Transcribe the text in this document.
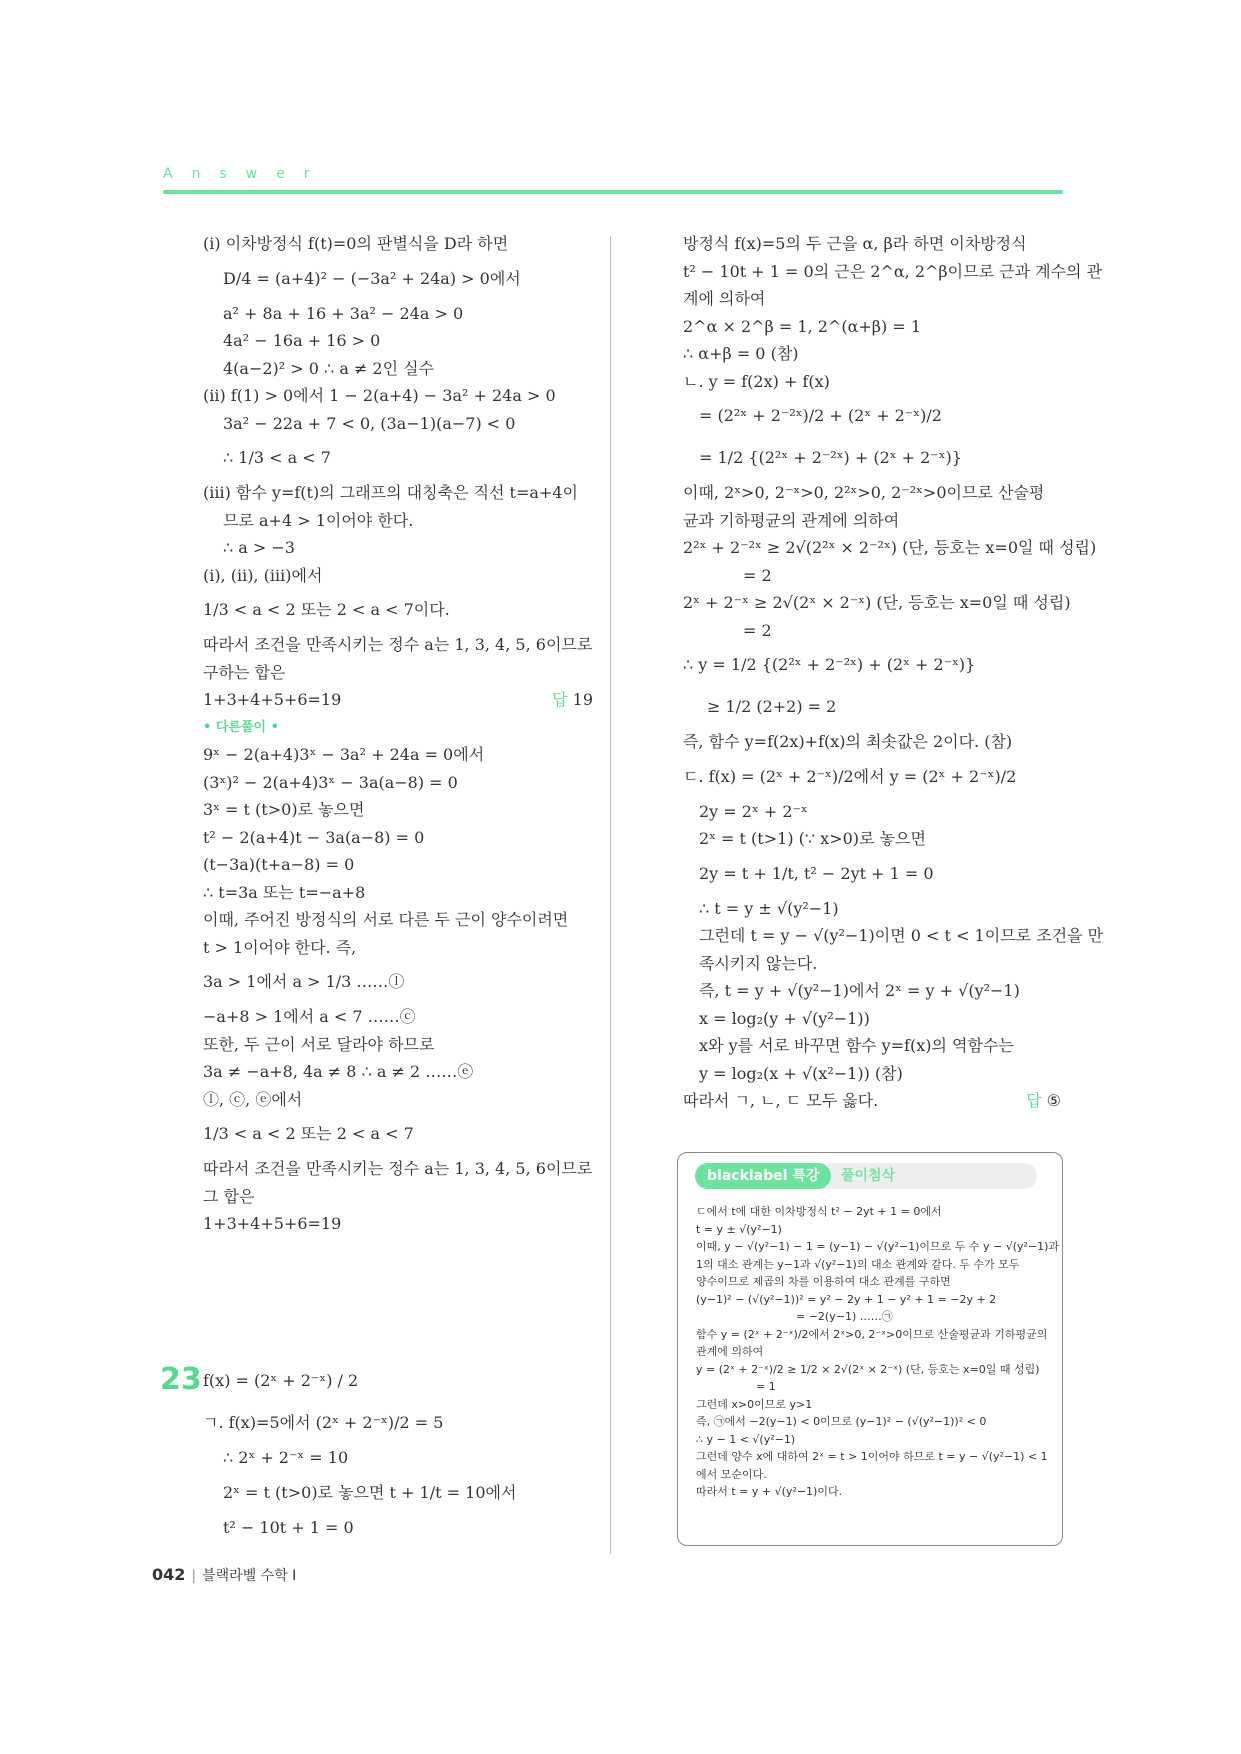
Answer
(ⅰ) 이차방정식 f(t)=0의 판별식을 D라 하면
D/4 = (a+4)² − (−3a² + 24a) > 0에서
a² + 8a + 16 + 3a² − 24a > 0
4a² − 16a + 16 > 0
4(a−2)² > 0 ∴ a ≠ 2인 실수
(ⅱ) f(1) > 0에서 1 − 2(a+4) − 3a² + 24a > 0
3a² − 22a + 7 < 0, (3a−1)(a−7) < 0
∴ 1/3 < a < 7
(ⅲ) 함수 y=f(t)의 그래프의 대칭축은 직선 t=a+4이
므로 a+4 > 1이어야 한다.
∴ a > −3
(ⅰ), (ⅱ), (ⅲ)에서
1/3 < a < 2 또는 2 < a < 7이다.
따라서 조건을 만족시키는 정수 a는 1, 3, 4, 5, 6이므로
구하는 합은
1+3+4+5+6=19	답 19
• 다른풀이 •
9ˣ − 2(a+4)3ˣ − 3a² + 24a = 0에서
(3ˣ)² − 2(a+4)3ˣ − 3a(a−8) = 0
3ˣ = t (t>0)로 놓으면
t² − 2(a+4)t − 3a(a−8) = 0
(t−3a)(t+a−8) = 0
∴ t=3a 또는 t=−a+8
이때, 주어진 방정식의 서로 다른 두 근이 양수이려면
t > 1이어야 한다. 즉,
3a > 1에서 a > 1/3 ……ⓛ
−a+8 > 1에서 a < 7 ……ⓒ
또한, 두 근이 서로 달라야 하므로
3a ≠ −a+8, 4a ≠ 8 ∴ a ≠ 2 ……ⓔ
ⓛ, ⓒ, ⓔ에서
1/3 < a < 2 또는 2 < a < 7
따라서 조건을 만족시키는 정수 a는 1, 3, 4, 5, 6이므로
그 합은
1+3+4+5+6=19
23 f(x) = (2ˣ + 2⁻ˣ) / 2
ㄱ. f(x)=5에서 (2ˣ + 2⁻ˣ)/2 = 5
∴ 2ˣ + 2⁻ˣ = 10
2ˣ = t (t>0)로 놓으면 t + 1/t = 10에서
t² − 10t + 1 = 0
방정식 f(x)=5의 두 근을 α, β라 하면 이차방정식
t² − 10t + 1 = 0의 근은 2^α, 2^β이므로 근과 계수의 관
계에 의하여
2^α × 2^β = 1, 2^(α+β) = 1
∴ α+β = 0 (참)
ㄴ. y = f(2x) + f(x)
= (2²ˣ + 2⁻²ˣ)/2 + (2ˣ + 2⁻ˣ)/2
= 1/2 {(2²ˣ + 2⁻²ˣ) + (2ˣ + 2⁻ˣ)}
이때, 2ˣ>0, 2⁻ˣ>0, 2²ˣ>0, 2⁻²ˣ>0이므로 산술평
균과 기하평균의 관계에 의하여
2²ˣ + 2⁻²ˣ ≥ 2√(2²ˣ × 2⁻²ˣ) (단, 등호는 x=0일 때 성립)
= 2
2ˣ + 2⁻ˣ ≥ 2√(2ˣ × 2⁻ˣ) (단, 등호는 x=0일 때 성립)
= 2
∴ y = 1/2 {(2²ˣ + 2⁻²ˣ) + (2ˣ + 2⁻ˣ)}
≥ 1/2 (2+2) = 2
즉, 함수 y=f(2x)+f(x)의 최솟값은 2이다. (참)
ㄷ. f(x) = (2ˣ + 2⁻ˣ)/2에서 y = (2ˣ + 2⁻ˣ)/2
2y = 2ˣ + 2⁻ˣ
2ˣ = t (t>1) (∵ x>0)로 놓으면
2y = t + 1/t, t² − 2yt + 1 = 0
∴ t = y ± √(y²−1)
그런데 t = y − √(y²−1)이면 0 < t < 1이므로 조건을 만
족시키지 않는다.
즉, t = y + √(y²−1)에서 2ˣ = y + √(y²−1)
x = log₂(y + √(y²−1))
x와 y를 서로 바꾸면 함수 y=f(x)의 역함수는
y = log₂(x + √(x²−1)) (참)
따라서 ㄱ, ㄴ, ㄷ 모두 옳다.	답 ⑤
blacklabel 특강	풀이첨삭
ㄷ에서 t에 대한 이차방정식 t² − 2yt + 1 = 0에서
t = y ± √(y²−1)
이때, y − √(y²−1) − 1 = (y−1) − √(y²−1)이므로 두 수 y − √(y²−1)과
1의 대소 관계는 y−1과 √(y²−1)의 대소 관계와 같다. 두 수가 모두
양수이므로 제곱의 차를 이용하여 대소 관계를 구하면
(y−1)² − (√(y²−1))² = y² − 2y + 1 − y² + 1 = −2y + 2
= −2(y−1) ……㉠
함수 y = (2ˣ + 2⁻ˣ)/2에서 2ˣ>0, 2⁻ˣ>0이므로 산술평균과 기하평균의
관계에 의하여
y = (2ˣ + 2⁻ˣ)/2 ≥ 1/2 × 2√(2ˣ × 2⁻ˣ) (단, 등호는 x=0일 때 성립)
= 1
그런데 x>0이므로 y>1
즉, ㉠에서 −2(y−1) < 0이므로 (y−1)² − (√(y²−1))² < 0
∴ y − 1 < √(y²−1)
그런데 양수 x에 대하여 2ˣ = t > 1이어야 하므로 t = y − √(y²−1) < 1
에서 모순이다.
따라서 t = y + √(y²−1)이다.
042 | 블랙라벨 수학 I
